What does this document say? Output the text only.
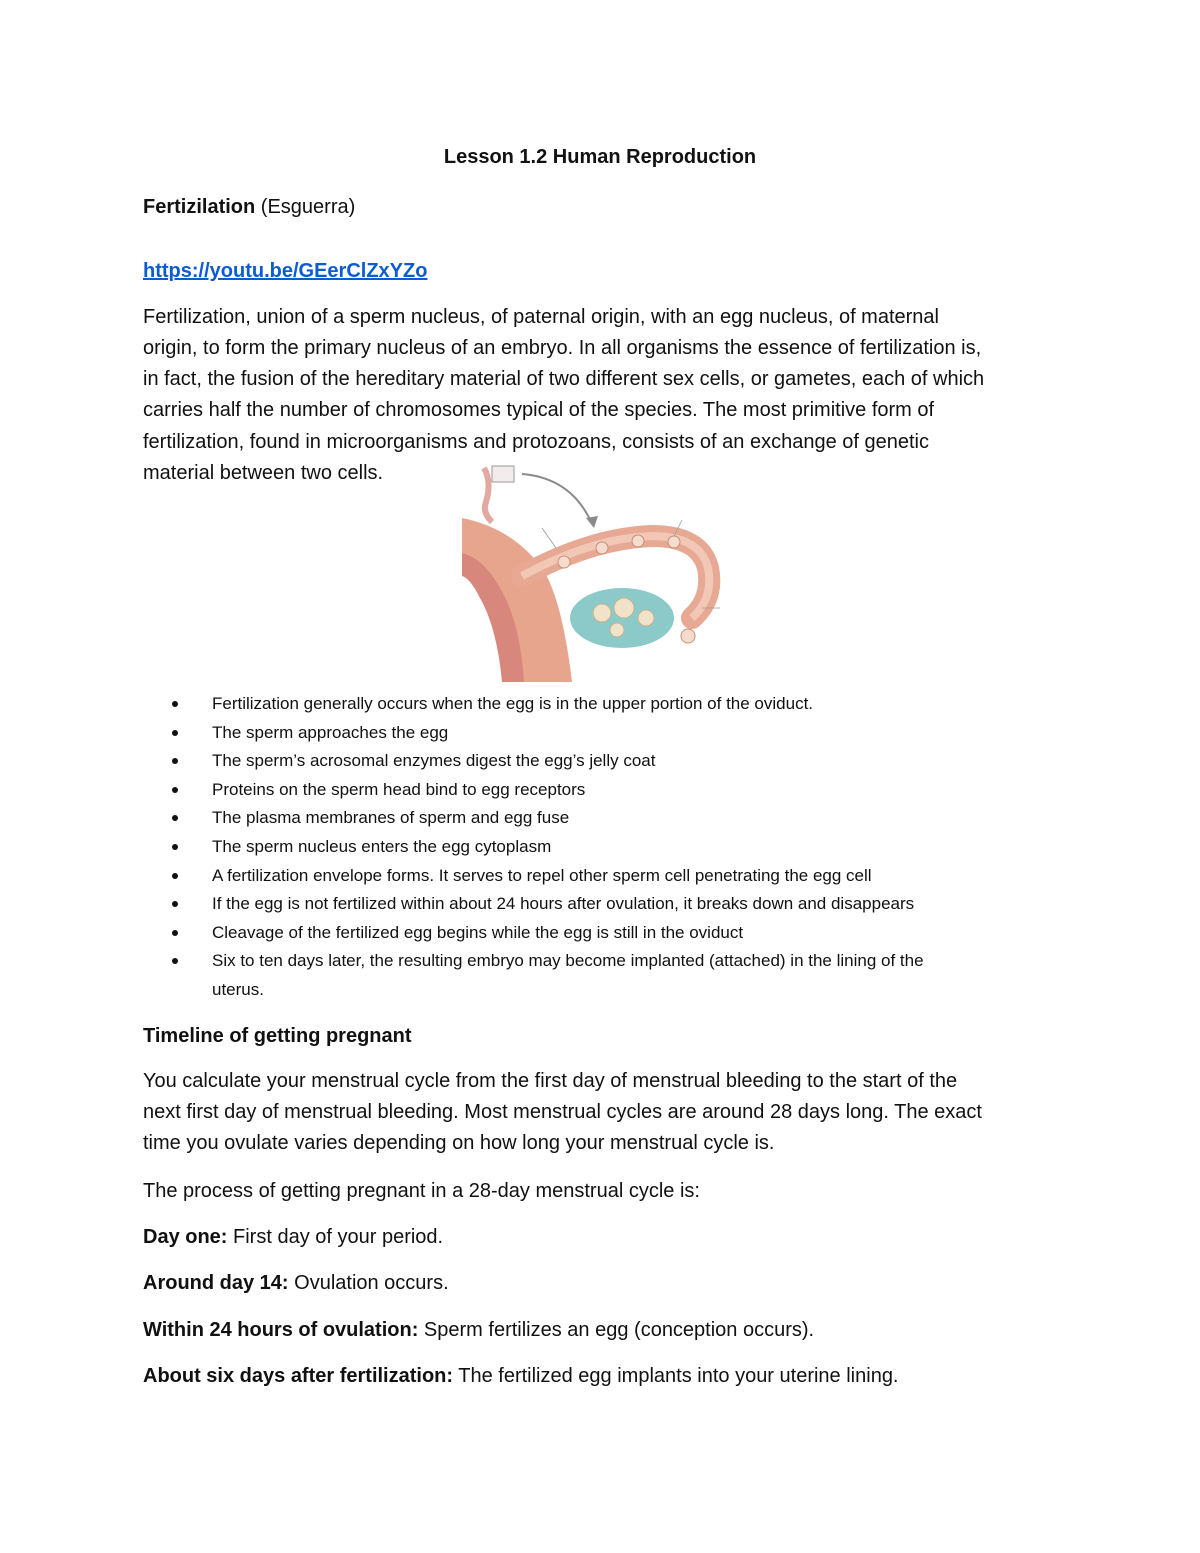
Lesson 1.2 Human Reproduction
Fertizilation (Esguerra)
https://youtu.be/GEerClZxYZo
Fertilization, union of a sperm nucleus, of paternal origin, with an egg nucleus, of maternal
origin, to form the primary nucleus of an embryo. In all organisms the essence of fertilization is,
in fact, the fusion of the hereditary material of two different sex cells, or gametes, each of which
carries half the number of chromosomes typical of the species. The most primitive form of
fertilization, found in microorganisms and protozoans, consists of an exchange of genetic
material between two cells.
Fertilization generally occurs when the egg is in the upper portion of the oviduct.
The sperm approaches the egg
The sperm’s acrosomal enzymes digest the egg’s jelly coat
Proteins on the sperm head bind to egg receptors
The plasma membranes of sperm and egg fuse
The sperm nucleus enters the egg cytoplasm
A fertilization envelope forms. It serves to repel other sperm cell penetrating the egg cell
If the egg is not fertilized within about 24 hours after ovulation, it breaks down and disappears
Cleavage of the fertilized egg begins while the egg is still in the oviduct
Six to ten days later, the resulting embryo may become implanted (attached) in the lining of the
uterus.
Timeline of getting pregnant
You calculate your menstrual cycle from the first day of menstrual bleeding to the start of the
next first day of menstrual bleeding. Most menstrual cycles are around 28 days long. The exact
time you ovulate varies depending on how long your menstrual cycle is.
The process of getting pregnant in a 28-day menstrual cycle is:
Day one: First day of your period.
Around day 14: Ovulation occurs.
Within 24 hours of ovulation: Sperm fertilizes an egg (conception occurs).
About six days after fertilization: The fertilized egg implants into your uterine lining.
